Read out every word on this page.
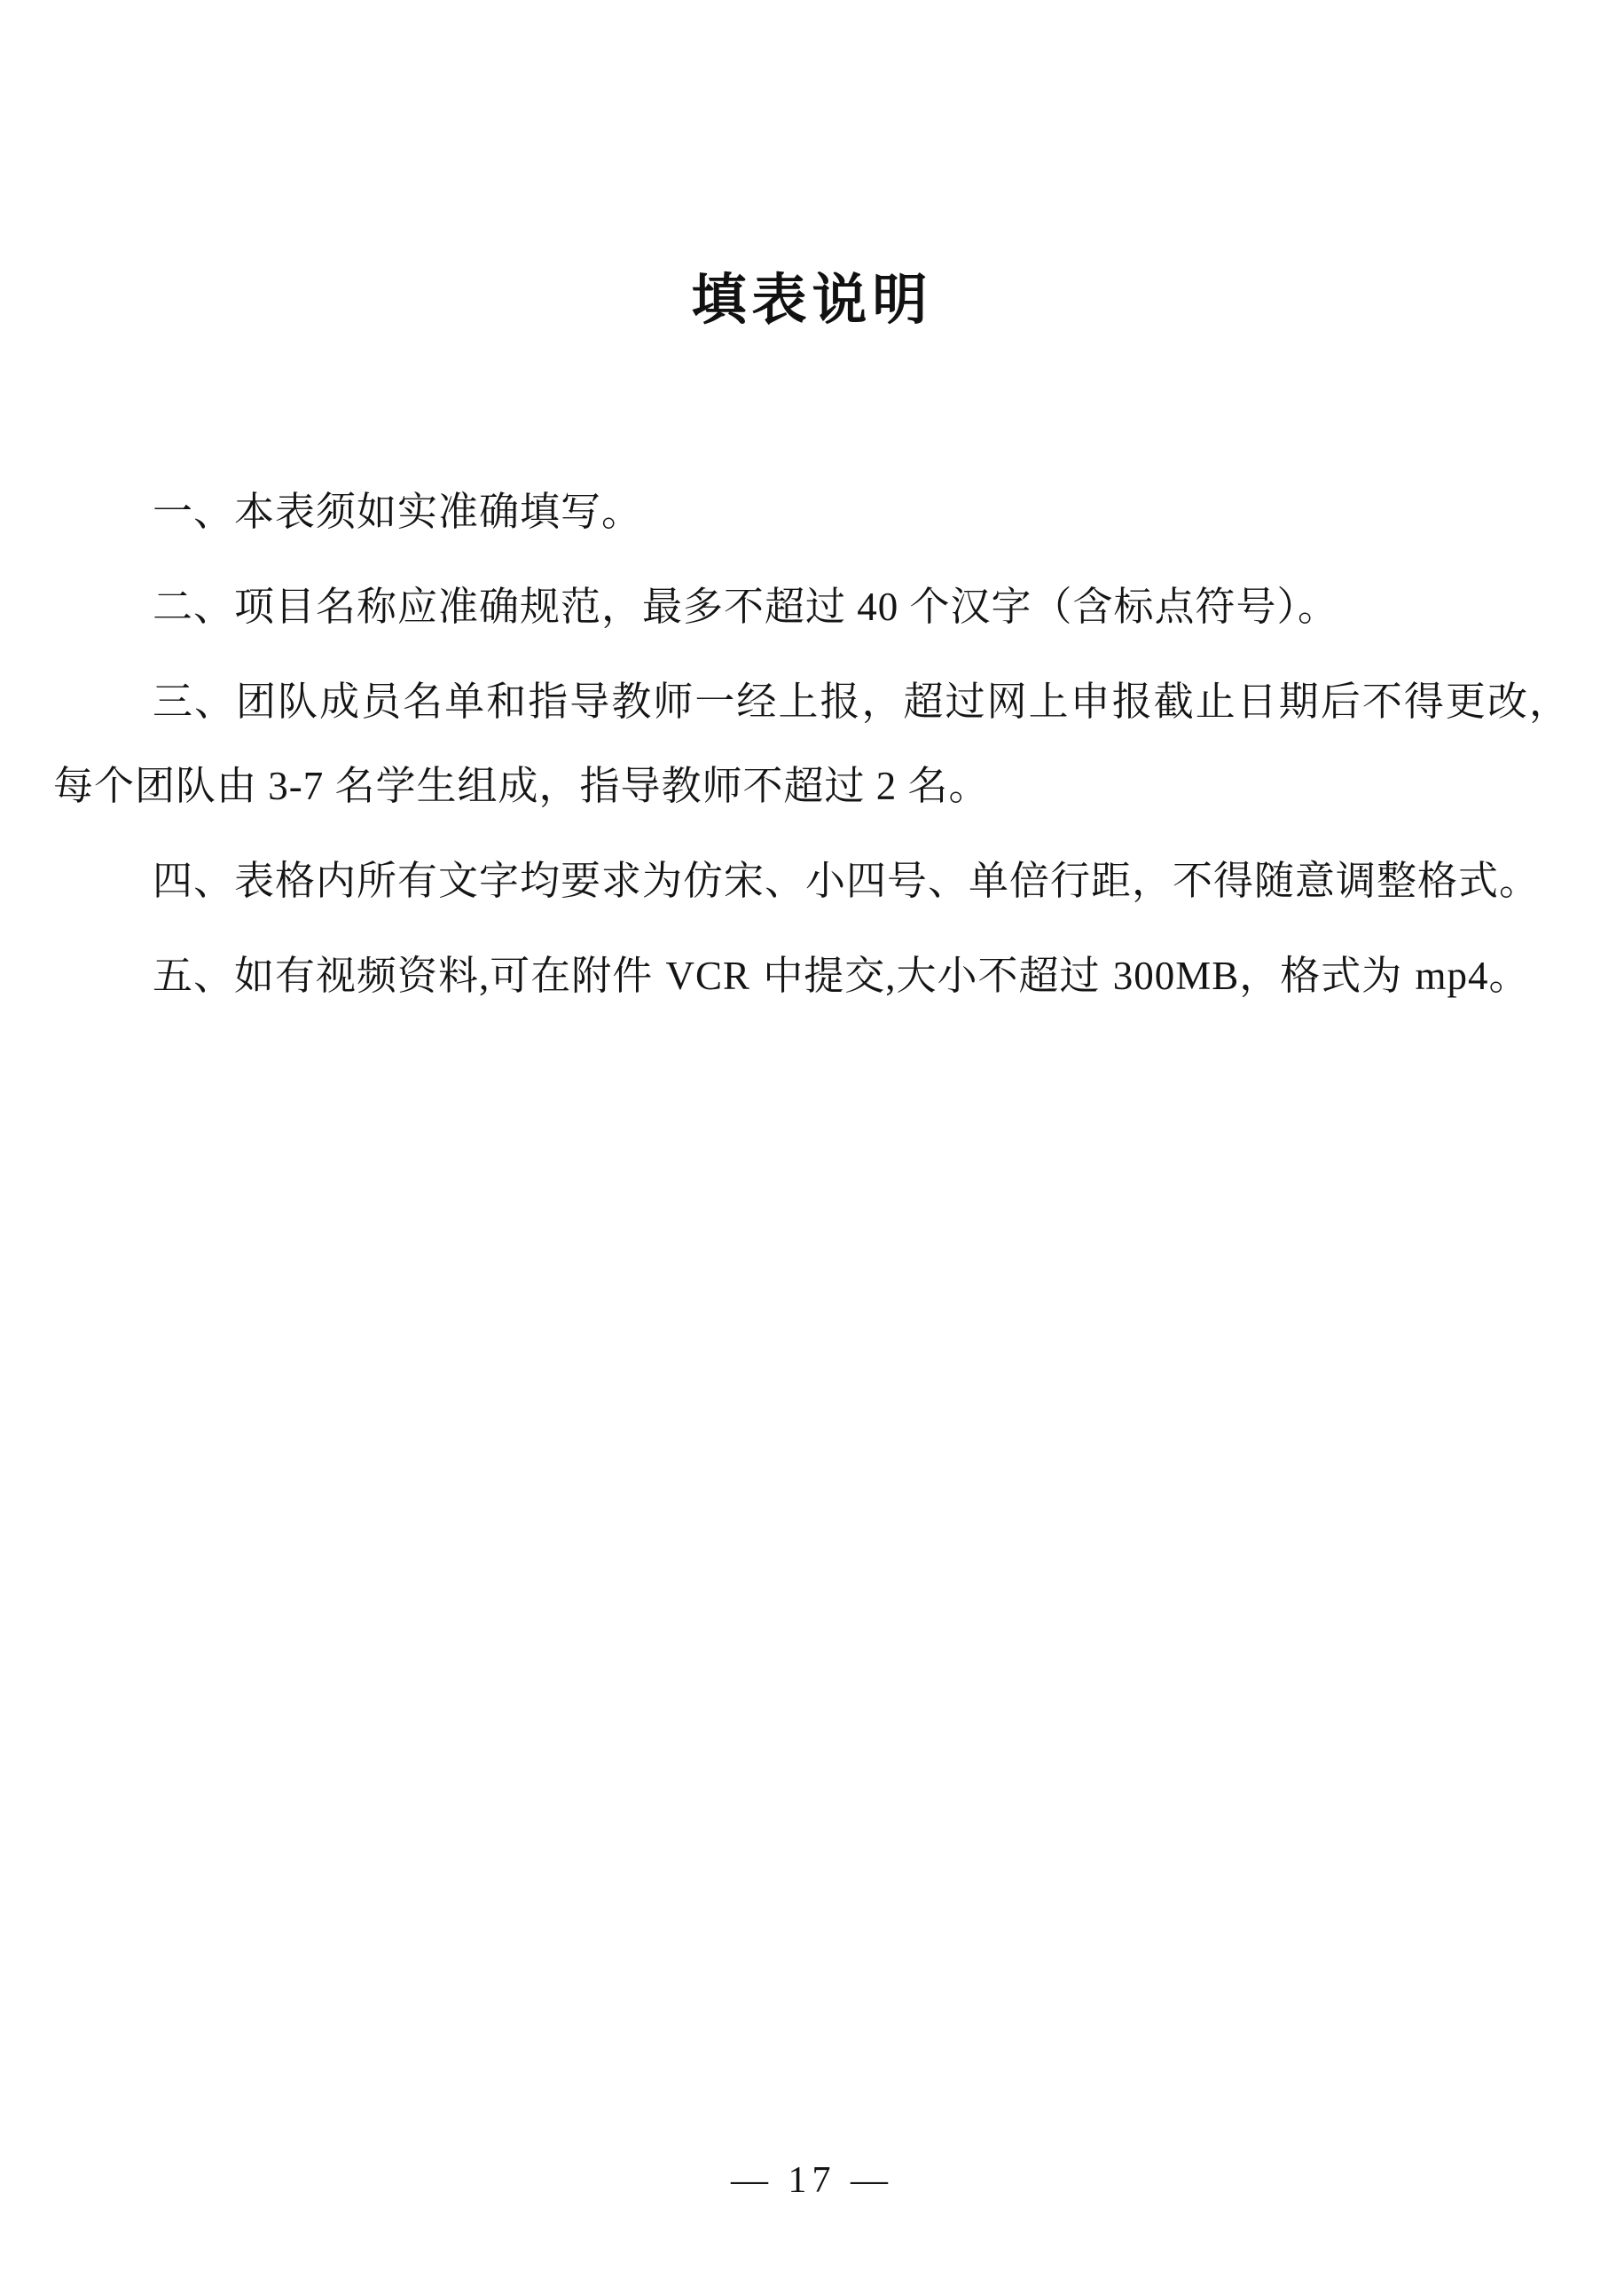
填表说明

一、本表须如实准确填写。

二、项目名称应准确规范，最多不超过 40 个汉字（含标点符号）。

三、团队成员名单和指导教师一经上报，超过网上申报截止日期后不得更改，每个团队由 3-7 名学生组成，指导教师不超过 2 名。

四、表格内所有文字均要求为仿宋、小四号、单倍行距，不得随意调整格式。

五、如有视频资料,可在附件 VCR 中提交,大小不超过 300MB，格式为 mp4。

— 17 —
